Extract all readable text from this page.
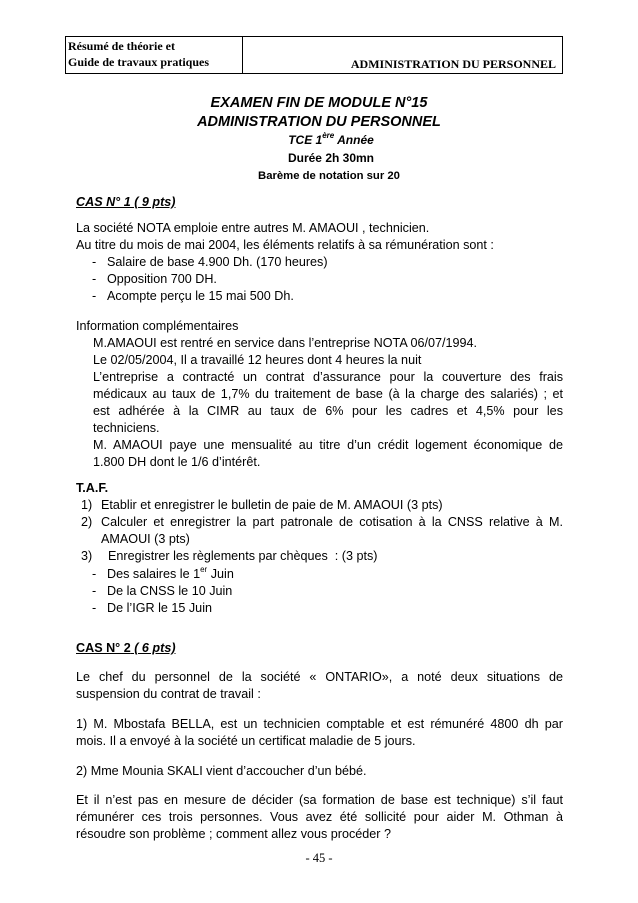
Résumé de théorie et
Guide de travaux pratiques	ADMINISTRATION DU PERSONNEL
EXAMEN FIN DE MODULE N°15
ADMINISTRATION DU PERSONNEL
TCE 1ère Année
Durée 2h 30mn
Barème de notation sur 20
CAS N° 1 ( 9 pts)
La société NOTA emploie entre autres M. AMAOUI , technicien.
Au titre du mois de mai 2004, les éléments relatifs à sa rémunération sont :
- Salaire de base 4.900 Dh. (170 heures)
- Opposition 700 DH.
- Acompte perçu le 15 mai 500 Dh.
Information complémentaires
M.AMAOUI est rentré en service dans l’entreprise NOTA 06/07/1994.
Le 02/05/2004, Il a travaillé 12 heures dont 4 heures la nuit
L’entreprise a contracté un contrat d’assurance pour la couverture des frais
médicaux au taux de 1,7% du traitement de base (à la charge des salariés) ; et
est adhérée à la CIMR au taux de 6% pour les cadres et 4,5% pour les
techniciens.
M. AMAOUI paye une mensualité au titre d’un crédit logement économique de
1.800 DH dont le 1/6 d’intérêt.
T.A.F.
1) Etablir et enregistrer le bulletin de paie de M. AMAOUI (3 pts)
2) Calculer et enregistrer la part patronale de cotisation à la CNSS relative à M.
AMAOUI (3 pts)
3) Enregistrer les règlements par chèques  : (3 pts)
- Des salaires le 1er Juin
- De la CNSS le 10 Juin
- De l’IGR le 15 Juin
CAS N° 2 ( 6 pts)
Le chef du personnel de la société « ONTARIO», a noté deux situations de
suspension du contrat de travail :
1) M. Mbostafa BELLA, est un technicien comptable et est rémunéré 4800 dh par
mois. Il a envoyé à la société un certificat maladie de 5 jours.
2) Mme Mounia SKALI vient d’accoucher d’un bébé.
Et il n’est pas en mesure de décider (sa formation de base est technique) s’il faut
rémunérer ces trois personnes. Vous avez été sollicité pour aider M. Othman à
résoudre son problème ; comment allez vous procéder ?
- 45 -
